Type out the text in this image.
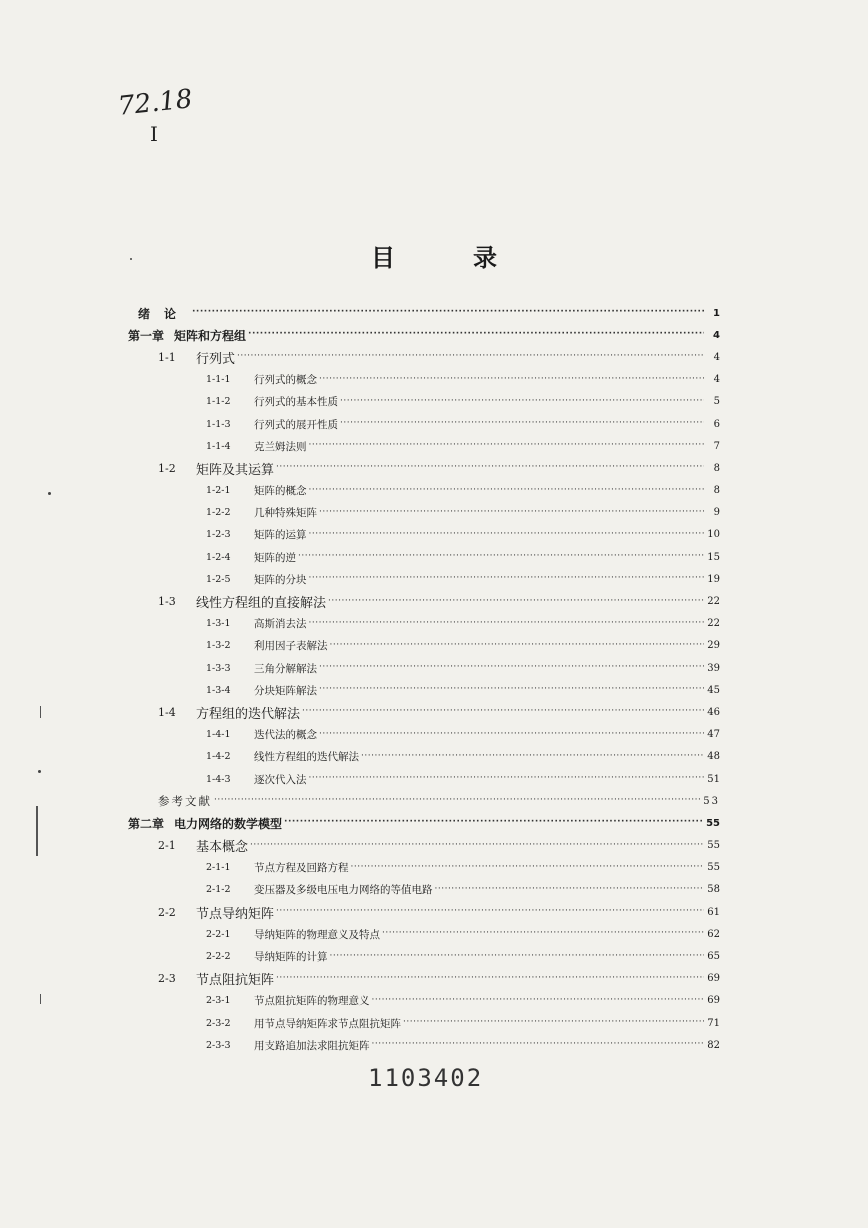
72.18
I
目	录
绪论 ·····	1
第一章 矩阵和方程组 ·····	4
1-1	行列式 ·····	4
1-1-1	行列式的概念 ·····	4
1-1-2	行列式的基本性质 ·····	5
1-1-3	行列式的展开性质 ·····	6
1-1-4	克兰姆法则 ·····	7
1-2	矩阵及其运算 ·····	8
1-2-1	矩阵的概念 ·····	8
1-2-2	几种特殊矩阵 ·····	9
1-2-3	矩阵的运算 ·····	10
1-2-4	矩阵的逆 ·····	15
1-2-5	矩阵的分块 ·····	19
1-3	线性方程组的直接解法 ·····	22
1-3-1	高斯消去法 ·····	22
1-3-2	利用因子表解法 ·····	29
1-3-3	三角分解解法 ·····	39
1-3-4	分块矩阵解法 ·····	45
1-4	方程组的迭代解法 ·····	46
1-4-1	迭代法的概念 ·····	47
1-4-2	线性方程组的迭代解法 ·····	48
1-4-3	逐次代入法 ·····	51
参考文献 ·····	53
第二章 电力网络的数学模型 ·····	55
2-1	基本概念 ·····	55
2-1-1	节点方程及回路方程 ·····	55
2-1-2	变压器及多级电压电力网络的等值电路 ·····	58
2-2	节点导纳矩阵 ·····	61
2-2-1	导纳矩阵的物理意义及特点 ·····	62
2-2-2	导纳矩阵的计算 ·····	65
2-3	节点阻抗矩阵 ·····	69
2-3-1	节点阻抗矩阵的物理意义 ·····	69
2-3-2	用节点导纳矩阵求节点阻抗矩阵 ·····	71
2-3-3	用支路追加法求阻抗矩阵 ·····	82
1103402
